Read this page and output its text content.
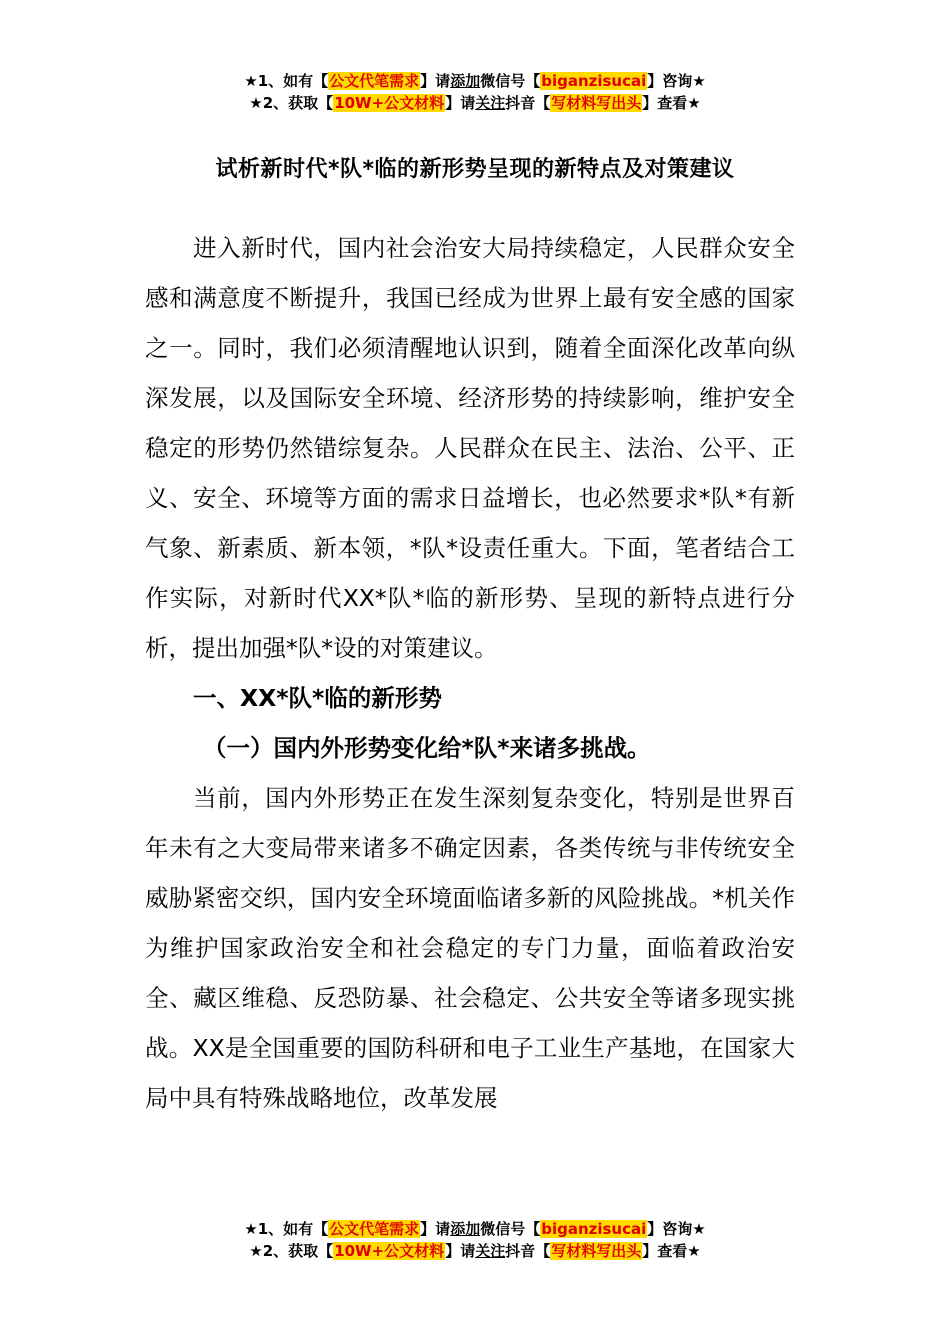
★1、如有【公文代笔需求】请添加微信号【biganzisucai】咨询★
★2、获取【10W+公文材料】请关注抖音【写材料写出头】查看★
试析新时代*队*临的新形势呈现的新特点及对策建议

进入新时代，国内社会治安大局持续稳定，人民群众安全感和满意度不断提升，我国已经成为世界上最有安全感的国家之一。同时，我们必须清醒地认识到，随着全面深化改革向纵深发展，以及国际安全环境、经济形势的持续影响，维护安全稳定的形势仍然错综复杂。人民群众在民主、法治、公平、正义、安全、环境等方面的需求日益增长，也必然要求*队*有新气象、新素质、新本领，*队*设责任重大。下面，笔者结合工作实际，对新时代XX*队*临的新形势、呈现的新特点进行分析，提出加强*队*设的对策建议。

一、XX*队*临的新形势

（一）国内外形势变化给*队*来诸多挑战。

当前，国内外形势正在发生深刻复杂变化，特别是世界百年未有之大变局带来诸多不确定因素，各类传统与非传统安全威胁紧密交织，国内安全环境面临诸多新的风险挑战。*机关作为维护国家政治安全和社会稳定的专门力量，面临着政治安全、藏区维稳、反恐防暴、社会稳定、公共安全等诸多现实挑战。XX是全国重要的国防科研和电子工业生产基地，在国家大局中具有特殊战略地位，改革发展

★1、如有【公文代笔需求】请添加微信号【biganzisucai】咨询★
★2、获取【10W+公文材料】请关注抖音【写材料写出头】查看★
